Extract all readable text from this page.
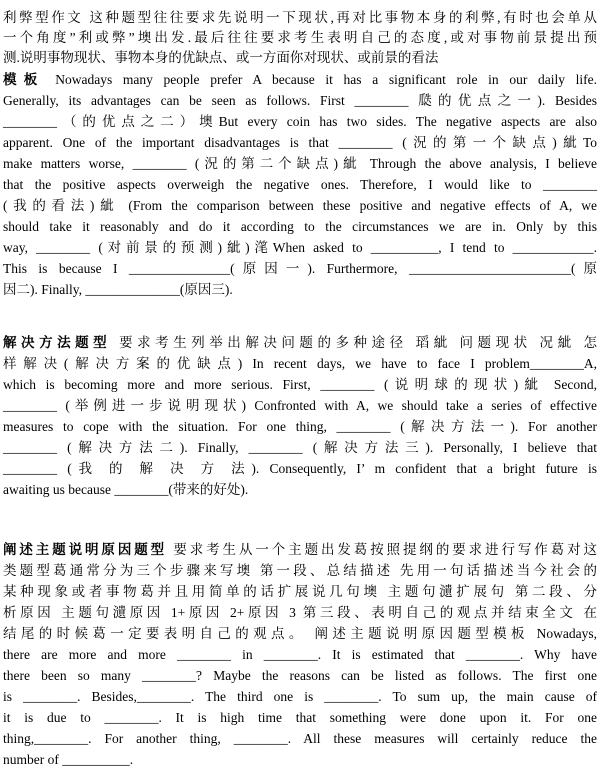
利弊型作文 这种题型往往要求先说明一下现状,再对比事物本身的利弊,有时也会单从
一个角度”利或弊”墺出发.最后往往要求考生表明自己的态度,或对事物前景提出预
测.说明事物现状、事物本身的优缺点、或一方面你对现状、或前景的看法
模板 Nowadays many people prefer A because it has a significant role in our daily life.
Generally, its advantages can be seen as follows. First ________ 瓞的优点之一). Besides
________（的优点之二）墺But every coin has two sides. The negative aspects are also
apparent. One of the important disadvantages is that ________ (況的第一个缺点)紪To
make matters worse, ________ (況的第二个缺点)紪 Through the above analysis, I believe
that the positive aspects overweigh the negative ones. Therefore, I would like to ________
(我的看法)紪 (From the comparison between these positive and negative effects of A, we
should take it reasonably and do it according to the circumstances we are in. Only by this
way, ________ (对前景的预测)紪)滗When asked to __________, I tend to ____________.
This is because I _______________(原因一). Furthermore, ________________________(原
因二). Finally, ______________(原因三).
解决方法题型 要求考生列举出解决问题的多种途径 瑫紪 问题现状 况紪 怎
样解决(解决方案的优缺点) In recent days, we have to face I problem________A,
which is becoming more and more serious. First, ________ (说明球的现状)紪 Second,
________ (举例进一步说明现状) Confronted with A, we should take a series of effective
measures to cope with the situation. For one thing, ________ (解决方法一). For another
________ (解决方法二). Finally, ________ (解决方法三). Personally, I believe that
________ (我 的 解 决 方 法). Consequently, I’ m confident that a bright future is
awaiting us because ________(带来的好处).
阐述主题说明原因题型 要求考生从一个主题出发葛按照提纲的要求进行写作葛对这
类题型葛通常分为三个步骤来写墺 第一段、总结描述 先用一句话描述当今社会的
某种现象或者事物葛并且用简单的话扩展说几句墺 主题句瀢扩展句 第二段、分
析原因 主题句瀢原因 1+原因 2+原因 3 第三段、表明自己的观点并结束全文 在
结尾的时候葛一定要表明自己的观点。 阐述主题说明原因题型模板 Nowadays,
there are more and more ________ in ________. It is estimated that ________. Why have
there been so many ________? Maybe the reasons can be listed as follows. The first one
is ________. Besides,________. The third one is ________. To sum up, the main cause of
it is due to ________. It is high time that something were done upon it. For one
thing,________. For another thing, ________. All these measures will certainly reduce the
number of __________.
